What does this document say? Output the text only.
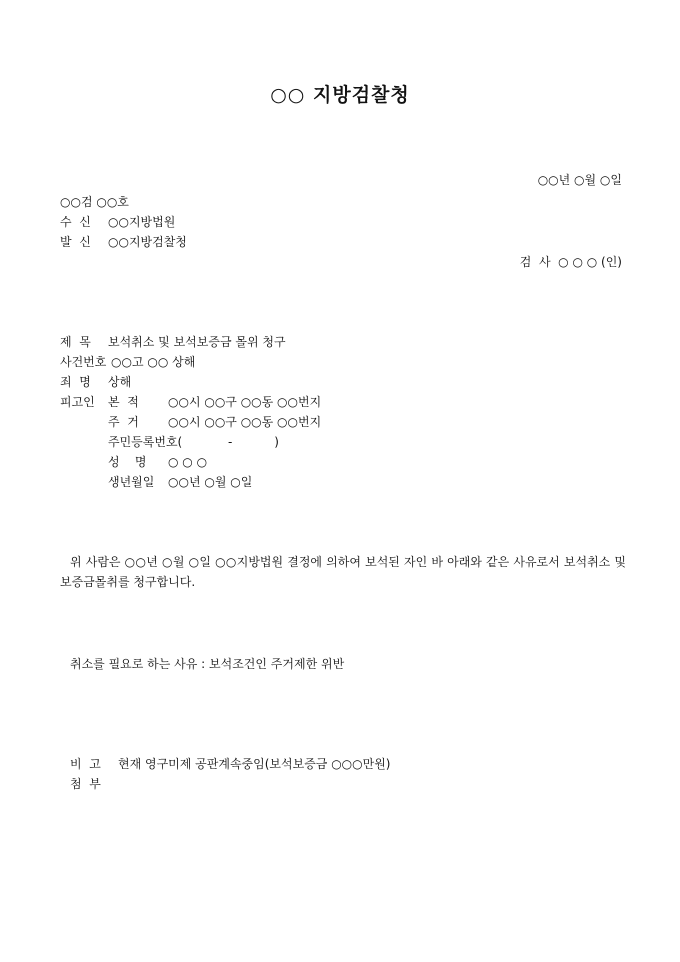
○○ 지방검찰청
○○년 ○월 ○일
○○검 ○○호
수  신 ○○지방법원
발  신 ○○지방검찰청
검  사  ○ ○ ○ (인)
제  목 보석취소 및 보석보증금 몰위 청구
사건번호 ○○고 ○○ 상해
죄  명 상해
피고인 본  적 ○○시 ○○구 ○○동 ○○번지
주  거 ○○시 ○○구 ○○동 ○○번지
주민등록번호(            -           )
성    명 ○ ○ ○
생년월일 ○○년 ○월 ○일
위 사람은 ○○년 ○월 ○일 ○○지방법원 결정에 의하여 보석된 자인 바 아래와 같은 사유로서 보석취소 및 보증금몰취를 청구합니다.
취소를 필요로 하는 사유 : 보석조건인 주거제한 위반
비  고 현재 영구미제 공판계속중임(보석보증금 ○○○만원)
첨  부
